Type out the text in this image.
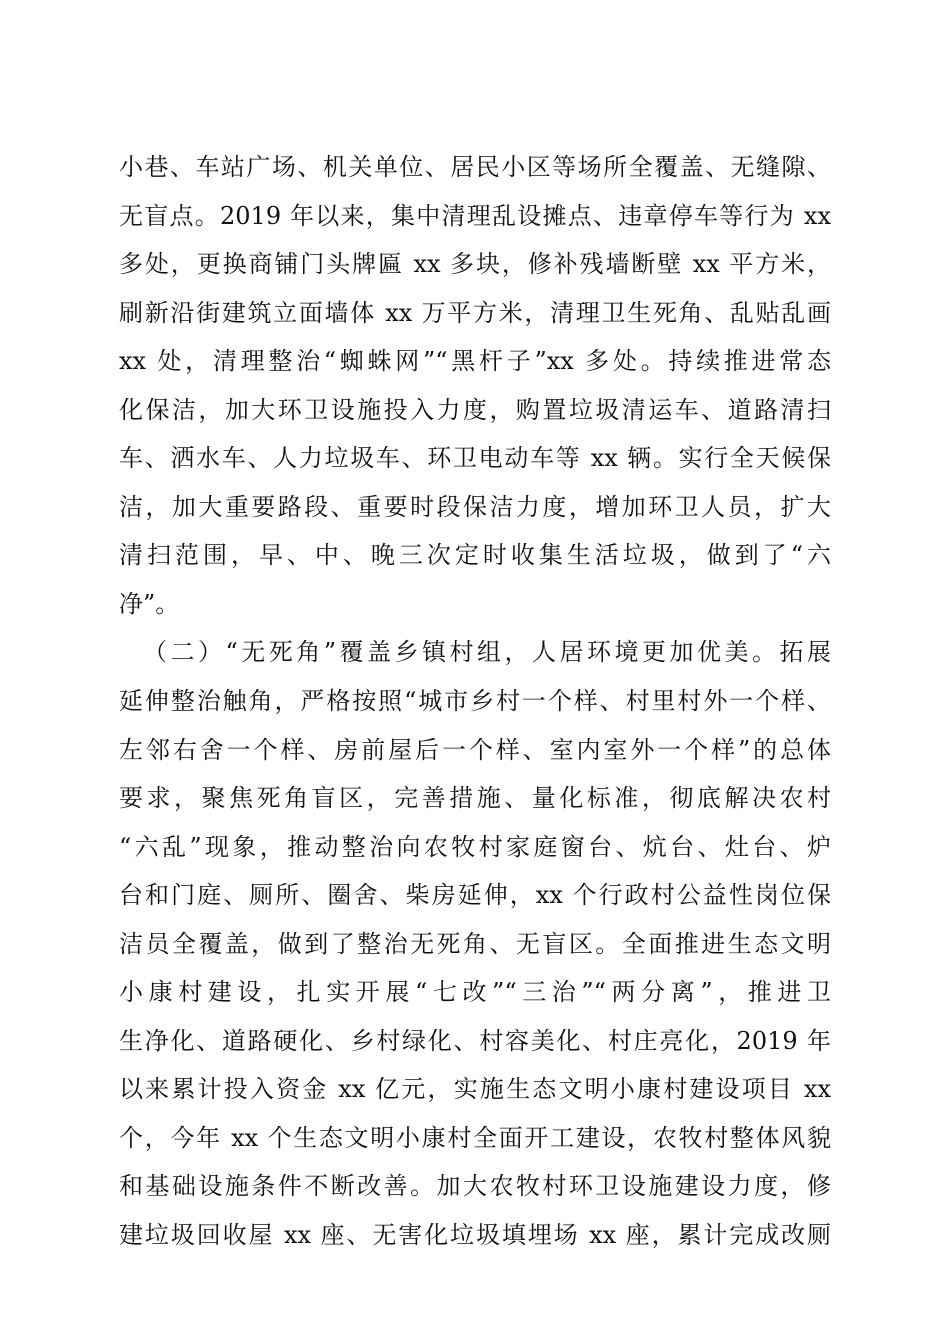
小巷、车站广场、机关单位、居民小区等场所全覆盖、无缝隙、
无盲点。2019 年以来，集中清理乱设摊点、违章停车等行为 xx
多处，更换商铺门头牌匾 xx 多块，修补残墙断壁 xx 平方米，
刷新沿街建筑立面墙体 xx 万平方米，清理卫生死角、乱贴乱画
xx 处，清理整治“蜘蛛网”“黑杆子”xx 多处。持续推进常态
化保洁，加大环卫设施投入力度，购置垃圾清运车、道路清扫
车、洒水车、人力垃圾车、环卫电动车等 xx 辆。实行全天候保
洁，加大重要路段、重要时段保洁力度，增加环卫人员，扩大
清扫范围，早、中、晚三次定时收集生活垃圾，做到了“六
净”。
（二）“无死角”覆盖乡镇村组，人居环境更加优美。拓展
延伸整治触角，严格按照“城市乡村一个样、村里村外一个样、
左邻右舍一个样、房前屋后一个样、室内室外一个样”的总体
要求，聚焦死角盲区，完善措施、量化标准，彻底解决农村
“六乱”现象，推动整治向农牧村家庭窗台、炕台、灶台、炉
台和门庭、厕所、圈舍、柴房延伸，xx 个行政村公益性岗位保
洁员全覆盖，做到了整治无死角、无盲区。全面推进生态文明
小康村建设，扎实开展“七改”“三治”“两分离”，推进卫
生净化、道路硬化、乡村绿化、村容美化、村庄亮化，2019 年
以来累计投入资金 xx 亿元，实施生态文明小康村建设项目 xx
个，今年 xx 个生态文明小康村全面开工建设，农牧村整体风貌
和基础设施条件不断改善。加大农牧村环卫设施建设力度，修
建垃圾回收屋 xx 座、无害化垃圾填埋场 xx 座，累计完成改厕
